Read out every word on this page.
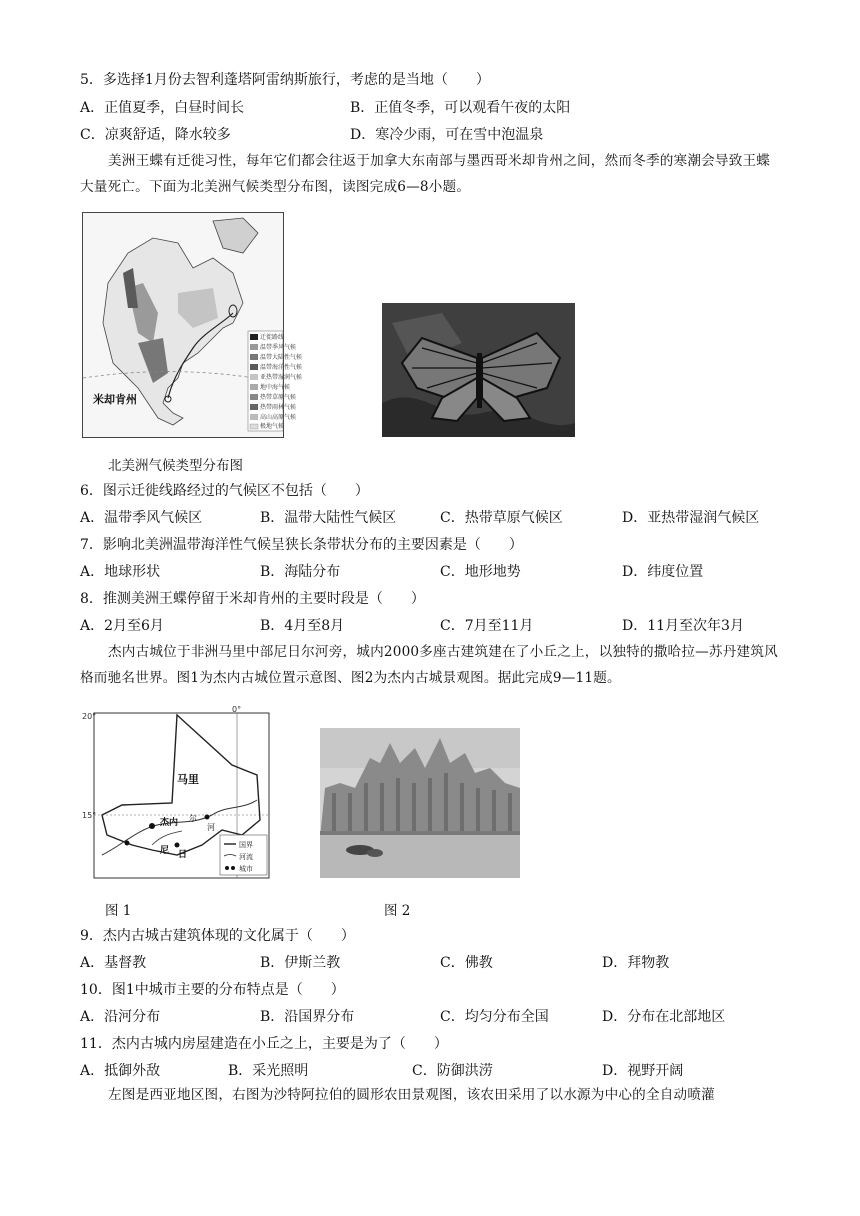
5．多选择1月份去智利蓬塔阿雷纳斯旅行，考虑的是当地（　　）
A．正值夏季，白昼时间长	B．正值冬季，可以观看午夜的太阳
C．凉爽舒适，降水较多	D．寒冷少雨，可在雪中泡温泉
美洲王蝶有迁徙习性，每年它们都会往返于加拿大东南部与墨西哥米却肯州之间，然而冬季的寒潮会导致王蝶大量死亡。下面为北美洲气候类型分布图，读图完成6—8小题。
迁徙路线
温带季风气候
温带大陆性气候
温带海洋性气候
亚热带湿润气候
地中海气候
热带草原气候
热带雨林气候
高山高原气候
极地气候
米却肯州
北美洲气候类型分布图
6．图示迁徙线路经过的气候区不包括（　　）
A．温带季风气候区	B．温带大陆性气候区	C．热带草原气候区	D．亚热带湿润气候区
7．影响北美洲温带海洋性气候呈狭长条带状分布的主要因素是（　　）
A．地球形状	B．海陆分布	C．地形地势	D．纬度位置
8．推测美洲王蝶停留于米却肯州的主要时段是（　　）
A．2月至6月	B．4月至8月	C．7月至11月	D．11月至次年3月
杰内古城位于非洲马里中部尼日尔河旁，城内2000多座古建筑建在了小丘之上，以独特的撒哈拉—苏丹建筑风格而驰名世界。图1为杰内古城位置示意图、图2为杰内古城景观图。据此完成9—11题。
20°
15°
0°
马里
杰内 尔
河
尼 日
国界
河流
城市
图 1	图 2
9．杰内古城古建筑体现的文化属于（　　）
A．基督教	B．伊斯兰教	C．佛教	D．拜物教
10．图1中城市主要的分布特点是（　　）
A．沿河分布	B．沿国界分布	C．均匀分布全国	D．分布在北部地区
11．杰内古城内房屋建造在小丘之上，主要是为了（　　）
A．抵御外敌	B．采光照明	C．防御洪涝	D．视野开阔
左图是西亚地区图，右图为沙特阿拉伯的圆形农田景观图，该农田采用了以水源为中心的全自动喷灌
